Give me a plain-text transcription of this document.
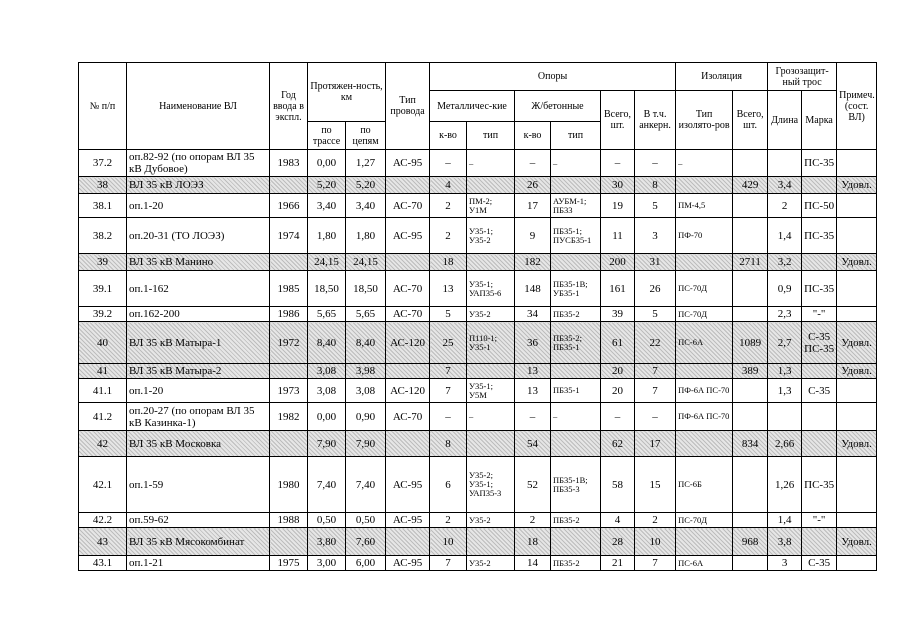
№ п/п	Наименование ВЛ	Год ввода в экспл.	Протяжен-ность, км		Тип провода	Опоры						Изоляция		Грозозащит-ный трос		Примеч. (сост. ВЛ)
						Металличес-кие		Ж/бетонные		Всего, шт.	В т.ч. анкерн.	Тип изолято-ров	Всего, шт.	Длина	Марка	
			по трассе	по цепям		к-во	тип	к-во	тип							
37.2	оп.82-92 (по опорам ВЛ 35 кВ Дубовое)	1983	0,00	1,27	АС-95	–	–	–	–	–	–	–			ПС-35	
38	ВЛ 35 кВ ЛОЭЗ		5,20	5,20		4		26		30	8		429	3,4		Удовл.
38.1	оп.1-20	1966	3,40	3,40	АС-70	2	ПМ-2; У1М	17	АУБМ-1; ПБ33	19	5	ПМ-4,5		2	ПС-50	
38.2	оп.20-31 (ТО ЛОЭЗ)	1974	1,80	1,80	АС-95	2	У35-1; У35-2	9	ПБ35-1; ПУСБ35-1	11	3	ПФ-70		1,4	ПС-35	
39	ВЛ 35 кВ Манино		24,15	24,15		18		182		200	31		2711	3,2		Удовл.
39.1	оп.1-162	1985	18,50	18,50	АС-70	13	У35-1; УАП35-6	148	ПБ35-1В; УБ35-1	161	26	ПС-70Д		0,9	ПС-35	
39.2	оп.162-200	1986	5,65	5,65	АС-70	5	У35-2	34	ПБ35-2	39	5	ПС-70Д		2,3	"-"	
40	ВЛ 35 кВ Матыра-1	1972	8,40	8,40	АС-120	25	П110-1; У35-1	36	ПБ35-2; ПБ35-1	61	22	ПС-6А	1089	2,7	С-35 ПС-35	Удовл.
41	ВЛ 35 кВ Матыра-2		3,08	3,98		7		13		20	7		389	1,3		Удовл.
41.1	оп.1-20	1973	3,08	3,08	АС-120	7	У35-1; У5М	13	ПБ35-1	20	7	ПФ-6А ПС-70		1,3	С-35	
41.2	оп.20-27 (по опорам ВЛ 35 кВ Казинка-1)	1982	0,00	0,90	АС-70	–	–	–	–	–	–	ПФ-6А ПС-70				
42	ВЛ 35 кВ Московка		7,90	7,90		8		54		62	17		834	2,66		Удовл.
42.1	оп.1-59	1980	7,40	7,40	АС-95	6	У35-2; У35-1; УАП35-3	52	ПБ35-1В; ПБ35-3	58	15	ПС-6Б		1,26	ПС-35	
42.2	оп.59-62	1988	0,50	0,50	АС-95	2	У35-2	2	ПБ35-2	4	2	ПС-70Д		1,4	"-"	
43	ВЛ 35 кВ Мясокомбинат		3,80	7,60		10		18		28	10		968	3,8		Удовл.
43.1	оп.1-21	1975	3,00	6,00	АС-95	7	У35-2	14	ПБ35-2	21	7	ПС-6А		3	С-35	
